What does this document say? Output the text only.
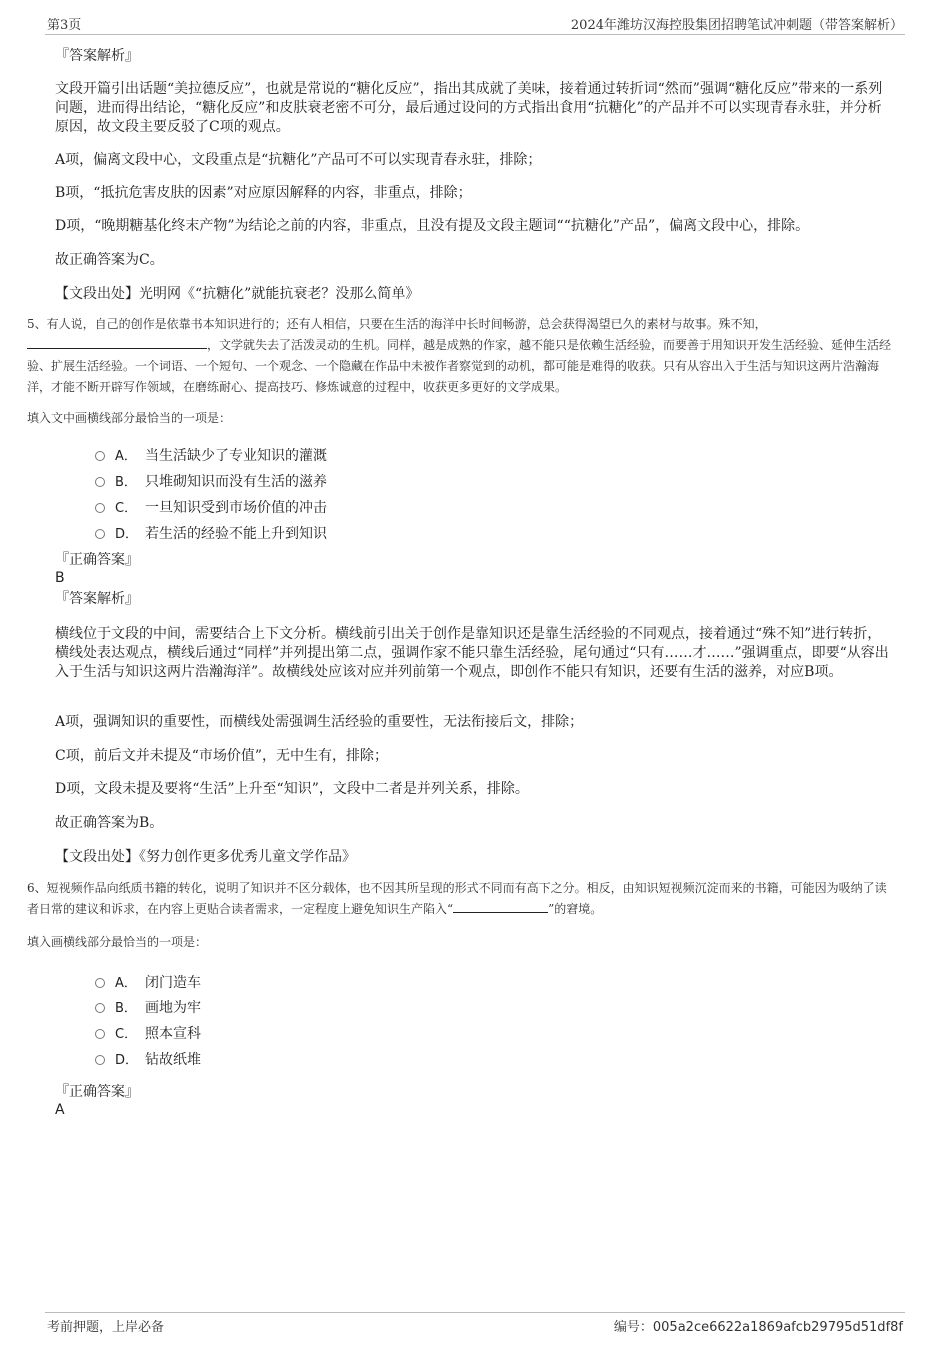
第3页	2024年潍坊汉海控股集团招聘笔试冲刺题（带答案解析）
『答案解析』
文段开篇引出话题“美拉德反应”，也就是常说的“糖化反应”，指出其成就了美味，接着通过转折词“然而”强调“糖化反应”带来的一系列问题，进而得出结论，“糖化反应”和皮肤衰老密不可分，最后通过设问的方式指出食用“抗糖化”的产品并不可以实现青春永驻，并分析原因，故文段主要反驳了C项的观点。
A项，偏离文段中心，文段重点是“抗糖化”产品可不可以实现青春永驻，排除；
B项，“抵抗危害皮肤的因素”对应原因解释的内容，非重点，排除；
D项，“晚期糖基化终末产物”为结论之前的内容，非重点，且没有提及文段主题词““抗糖化”产品”，偏离文段中心，排除。
故正确答案为C。
【文段出处】光明网《“抗糖化”就能抗衰老？没那么简单》
5、有人说，自己的创作是依靠书本知识进行的；还有人相信，只要在生活的海洋中长时间畅游，总会获得渴望已久的素材与故事。殊不知，，文学就失去了活泼灵动的生机。同样，越是成熟的作家，越不能只是依赖生活经验，而要善于用知识开发生活经验、延伸生活经验、扩展生活经验。一个词语、一个短句、一个观念、一个隐藏在作品中未被作者察觉到的动机，都可能是难得的收获。只有从容出入于生活与知识这两片浩瀚海洋，才能不断开辟写作领域，在磨练耐心、提高技巧、修炼诚意的过程中，收获更多更好的文学成果。
填入文中画横线部分最恰当的一项是：
A． 当生活缺少了专业知识的灌溉
B． 只堆砌知识而没有生活的滋养
C． 一旦知识受到市场价值的冲击
D． 若生活的经验不能上升到知识
『正确答案』
B
『答案解析』
横线位于文段的中间，需要结合上下文分析。横线前引出关于创作是靠知识还是靠生活经验的不同观点，接着通过“殊不知”进行转折，横线处表达观点，横线后通过“同样”并列提出第二点，强调作家不能只靠生活经验，尾句通过“只有……才……”强调重点，即要“从容出入于生活与知识这两片浩瀚海洋”。故横线处应该对应并列前第一个观点，即创作不能只有知识，还要有生活的滋养，对应B项。
A项，强调知识的重要性，而横线处需强调生活经验的重要性，无法衔接后文，排除；
C项，前后文并未提及“市场价值”，无中生有，排除；
D项，文段未提及要将“生活”上升至“知识”，文段中二者是并列关系，排除。
故正确答案为B。
【文段出处】《努力创作更多优秀儿童文学作品》
6、短视频作品向纸质书籍的转化，说明了知识并不区分载体，也不因其所呈现的形式不同而有高下之分。相反，由知识短视频沉淀而来的书籍，可能因为吸纳了读者日常的建议和诉求，在内容上更贴合读者需求，一定程度上避免知识生产陷入“	”的窘境。
填入画横线部分最恰当的一项是：
A． 闭门造车
B． 画地为牢
C． 照本宣科
D． 钻故纸堆
『正确答案』
A
考前押题，上岸必备	编号：005a2ce6622a1869afcb29795d51df8f
